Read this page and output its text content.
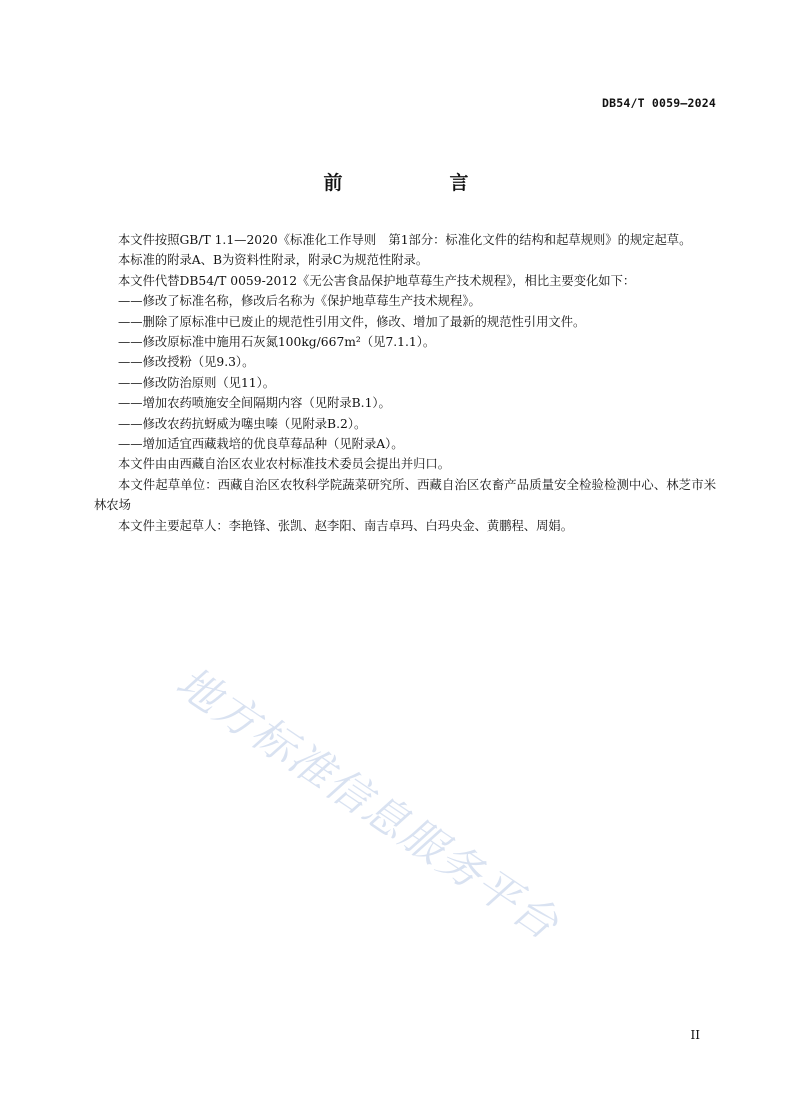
DB54/T 0059—2024
前　言

本文件按照GB/T 1.1—2020《标准化工作导则　第1部分：标准化文件的结构和起草规则》的规定起草。

本标准的附录A、B为资料性附录，附录C为规范性附录。

本文件代替DB54/T 0059-2012《无公害食品保护地草莓生产技术规程》，相比主要变化如下：

——修改了标准名称，修改后名称为《保护地草莓生产技术规程》。

——删除了原标准中已废止的规范性引用文件，修改、增加了最新的规范性引用文件。

——修改原标准中施用石灰氮100kg/667m²（见7.1.1）。

——修改授粉（见9.3）。

——修改防治原则（见11）。

——增加农药喷施安全间隔期内容（见附录B.1）。

——修改农药抗蚜威为噻虫嗪（见附录B.2）。

——增加适宜西藏栽培的优良草莓品种（见附录A）。

本文件由由西藏自治区农业农村标准技术委员会提出并归口。

本文件起草单位：西藏自治区农牧科学院蔬菜研究所、西藏自治区农畜产品质量安全检验检测中心、林芝市米林农场

本文件主要起草人：李艳锋、张凯、赵李阳、南吉卓玛、白玛央金、黄鹏程、周娟。

地方标准信息服务平台
II
